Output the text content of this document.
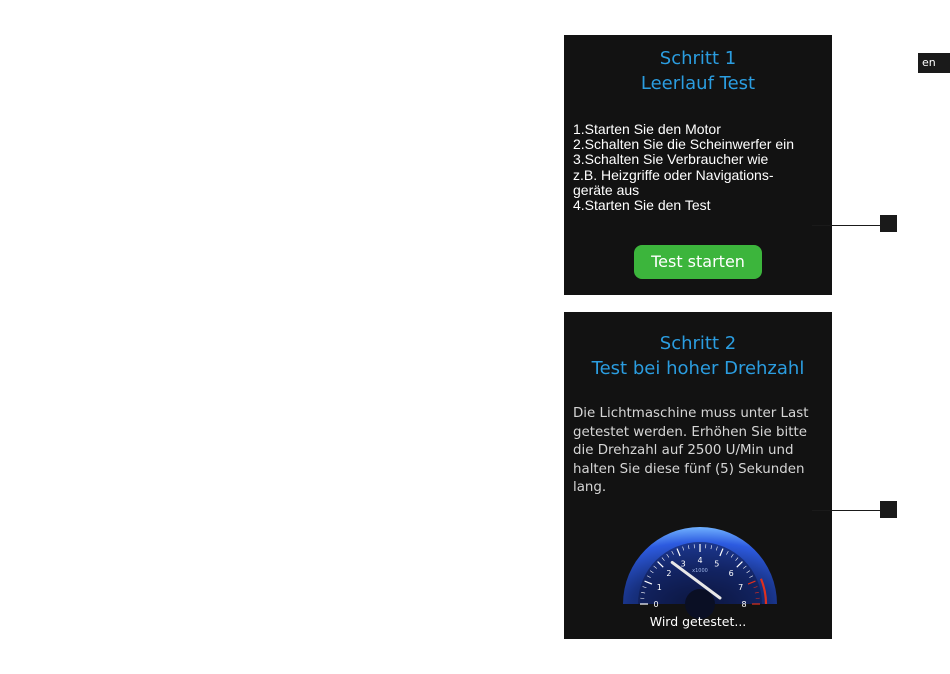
en
Schritt 1
Leerlauf Test
1.Starten Sie den Motor
2.Schalten Sie die Scheinwerfer ein
3.Schalten Sie Verbraucher wie
z.B. Heizgriffe oder Navigations-
geräte aus
4.Starten Sie den Test
Test starten
Schritt 2
Test bei hoher Drehzahl
Die Lichtmaschine muss unter Last
getestet werden. Erhöhen Sie bitte
die Drehzahl auf 2500 U/Min und
halten Sie diese fünf (5) Sekunden
lang.
0
1
2
3 4 5
6
7
8
x1000
Wird getestet...
